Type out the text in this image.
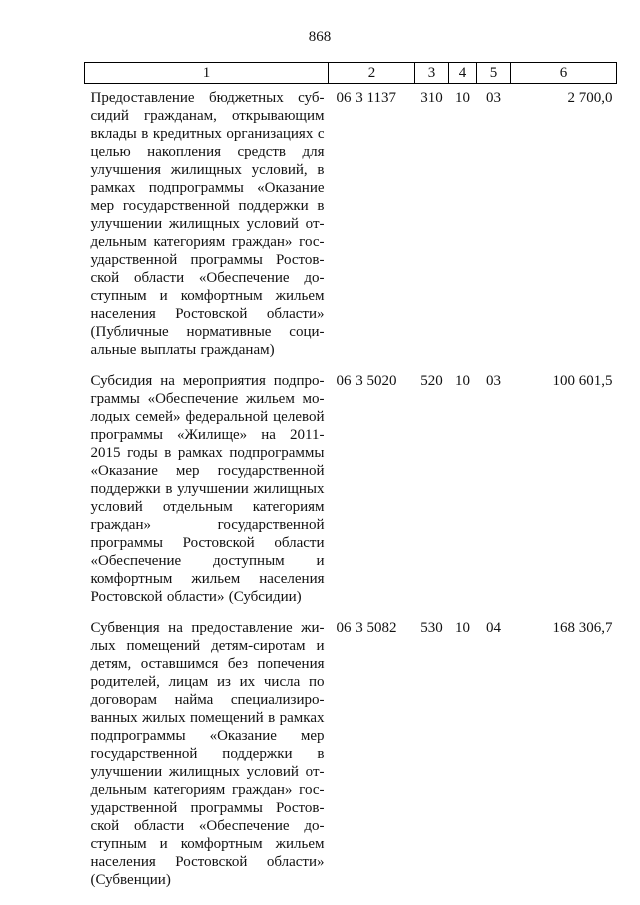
868
1	2	3	4	5	6
Предоставление бюджетных субсидий гражданам, открывающим вклады в кредитных организациях с целью накопления средств для улучшения жилищных условий, в рамках подпрограммы «Оказание мер государственной поддержки в улучшении жилищных условий отдельным категориям граждан» государственной программы Ростовской области «Обеспечение доступным и комфортным жильем населения Ростовской области» (Публичные нормативные социальные выплаты гражданам)	06 3 1137	310	10	03	2 700,0
Субсидия на мероприятия подпрограммы «Обеспечение жильем молодых семей» федеральной целевой программы «Жилище» на 2011-2015 годы в рамках подпрограммы «Оказание мер государственной поддержки в улучшении жилищных условий отдельным категориям граждан» государственной программы Ростовской области «Обеспечение доступным и комфортным жильем населения Ростовской области» (Субсидии)	06 3 5020	520	10	03	100 601,5
Субвенция на предоставление жилых помещений детям-сиротам и детям, оставшимся без попечения родителей, лицам из их числа по договорам найма специализированных жилых помещений в рамках подпрограммы «Оказание мер государственной поддержки в улучшении жилищных условий отдельным категориям граждан» государственной программы Ростовской области «Обеспечение доступным и комфортным жильем населения Ростовской области» (Субвенции)	06 3 5082	530	10	04	168 306,7
